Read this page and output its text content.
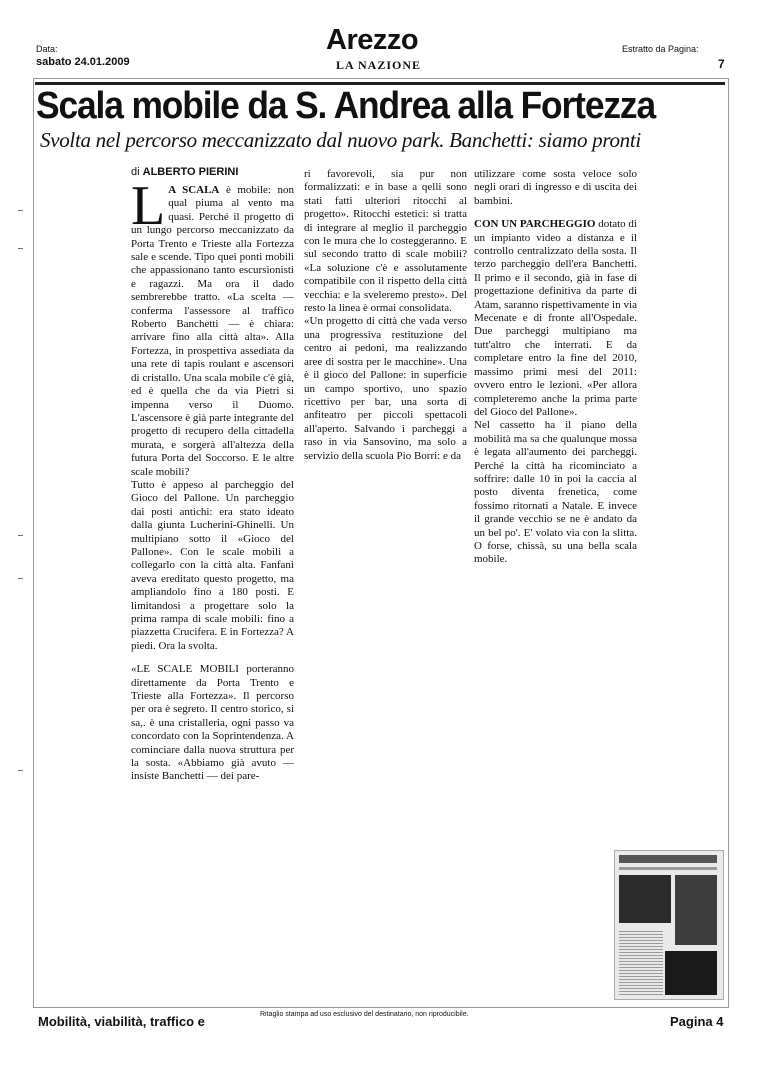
Data:
sabato 24.01.2009
Arezzo
LA NAZIONE
Estratto da Pagina:
7
Scala mobile da S. Andrea alla Fortezza
Svolta nel percorso meccanizzato dal nuovo park. Banchetti: siamo pronti
di ALBERTO PIERINI

L A SCALA è mobile: non qual piuma al vento ma quasi. Perché il progetto di un lungo percorso meccanizzato da Porta Trento e Trieste alla Fortezza sale e scende. Tipo quei ponti mobili che appassionano tanto escursionisti e ragazzi. Ma ora il dado sembrerebbe tratto. «La scelta — conferma l'assessore al traffico Roberto Banchetti — è chiara: arrivare fino alla città alta». Alla Fortezza, in prospettiva assediata da una rete di tapis roulant e ascensori di cristallo. Una scala mobile c'è già, ed è quella che da via Pietri si impenna verso il Duomo. L'ascensore è già parte integrante del progetto di recupero della cittadella murata, e sorgerà all'altezza della futura Porta del Soccorso. E le altre scale mobili?

Tutto è appeso al parcheggio del Gioco del Pallone. Un parcheggio dai posti antichi: era stato ideato dalla giunta Lucherini-Ghinelli. Un multipiano sotto il «Gioco del Pallone». Con le scale mobili a collegarlo con la città alta. Fanfani aveva ereditato questo progetto, ma ampliandolo fino a 180 posti. E limitandosi a progettare solo la prima rampa di scale mobili: fino a piazzetta Crucifera. E in Fortezza? A piedi. Ora la svolta.

«LE SCALE MOBILI porteranno direttamente da Porta Trento e Trieste alla Fortezza». Il percorso per ora è segreto. Il centro storico, si sa,. è una cristalleria, ogni passo va concordato con la Soprintendenza. A cominciare dalla nuova struttura per la sosta. «Abbiamo già avuto — insiste Banchetti — dei pare-

ri favorevoli, sia pur non formalizzati: e in base a qelli sono stati fatti ulteriori ritocchi al progetto». Ritocchi estetici: si tratta di integrare al meglio il parcheggio con le mura che lo costeggeranno. E sul secondo tratto di scale mobili? «La soluzione c'è e assolutamente compatibile con il rispetto della città vecchia: e la sveleremo presto». Del resto la linea è ormai consolidata.

«Un progetto di città che vada verso una progressiva restituzione del centro ai pedoni, ma realizzando aree di sostra per le macchine». Una è il gioco del Pallone: in superficie un campo sportivo, uno spazio ricettivo per bar, una sorta di anfiteatro per piccoli spettacoli all'aperto. Salvando i parcheggi a raso in via Sansovino, ma solo a servizio della scuola Pio Borri: e da

utilizzare come sosta veloce solo negli orari di ingresso e di uscita dei bambini.

CON UN PARCHEGGIO dotato di un impianto video a distanza e il controllo centralizzato della sosta. Il terzo parcheggio dell'era Banchetti. Il primo e il secondo, già in fase di progettazione definitiva da parte di Atam, saranno rispettivamente in via Mecenate e di fronte all'Ospedale. Due parcheggi multipiano ma tutt'altro che interrati. E da completare entro la fine del 2010, massimo primi mesi del 2011: ovvero entro le lezioni. «Per allora completeremo anche la prima parte del Gioco del Pallone».

Nel cassetto ha il piano della mobilità ma sa che qualunque mossa è legata all'aumento dei parcheggi. Perché la città ha ricominciato a soffrire: dalle 10 in poi la caccia al posto diventa frenetica, come fossimo ritornati a Natale. E invece il grande vecchio se ne è andato da un bel po'. E' volato via con la slitta. O forse, chissà, su una bella scala mobile.

Mobilità, viabilità, traffico e	Ritaglio stampa ad uso esclusivo del destinatario, non riproducibile.	Pagina 4
